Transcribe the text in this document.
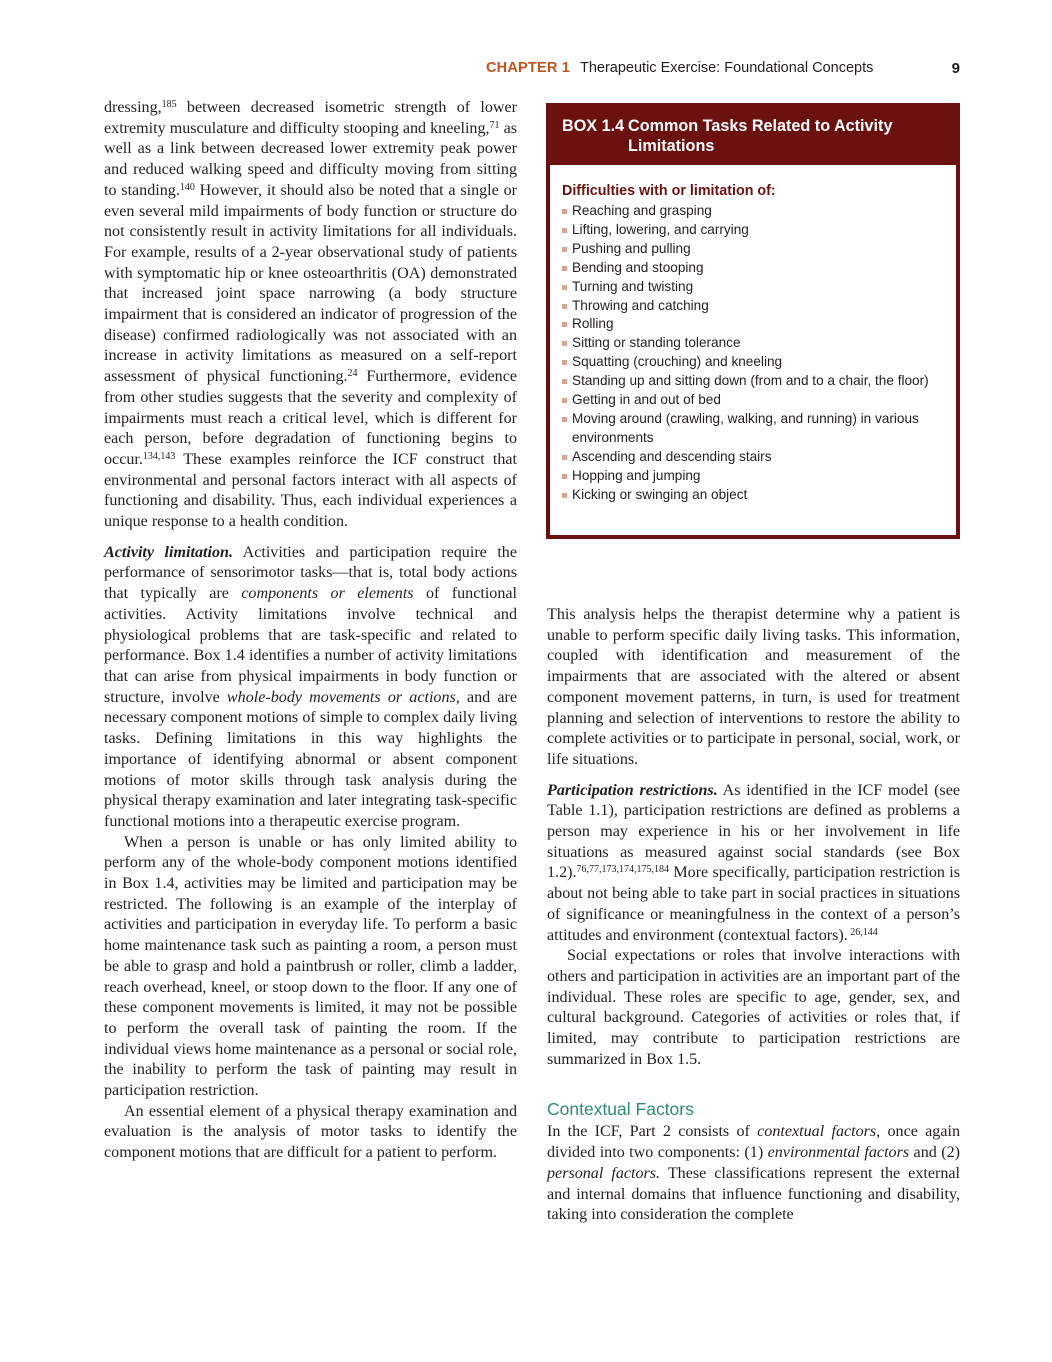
CHAPTER 1 Therapeutic Exercise: Foundational Concepts	9

dressing,$^{185}$ between decreased isometric strength of lower extremity musculature and difficulty stooping and kneeling,$^{71}$ as well as a link between decreased lower extremity peak power and reduced walking speed and difficulty moving from sitting to standing.$^{140}$ However, it should also be noted that a single or even several mild impairments of body function or structure do not consistently result in activity limitations for all individuals. For example, results of a 2-year observational study of patients with symptomatic hip or knee osteoarthritis (OA) demonstrated that increased joint space narrowing (a body structure impairment that is considered an indicator of progression of the disease) confirmed radiologically was not associated with an increase in activity limitations as measured on a self-report assessment of physical functioning.$^{24}$ Furthermore, evidence from other studies suggests that the severity and complexity of impairments must reach a critical level, which is different for each person, before degradation of functioning begins to occur.$^{134,143}$ These examples reinforce the ICF construct that environmental and personal factors interact with all aspects of functioning and disability. Thus, each individual experiences a unique response to a health condition.

Activity limitation. Activities and participation require the performance of sensorimotor tasks—that is, total body actions that typically are components or elements of functional activities. Activity limitations involve technical and physiological problems that are task-specific and related to performance. Box 1.4 identifies a number of activity limitations that can arise from physical impairments in body function or structure, involve whole-body movements or actions, and are necessary component motions of simple to complex daily living tasks. Defining limitations in this way highlights the importance of identifying abnormal or absent component motions of motor skills through task analysis during the physical therapy examination and later integrating task-specific functional motions into a therapeutic exercise program.

When a person is unable or has only limited ability to perform any of the whole-body component motions identified in Box 1.4, activities may be limited and participation may be restricted. The following is an example of the interplay of activities and participation in everyday life. To perform a basic home maintenance task such as painting a room, a person must be able to grasp and hold a paintbrush or roller, climb a ladder, reach overhead, kneel, or stoop down to the floor. If any one of these component movements is limited, it may not be possible to perform the overall task of painting the room. If the individual views home maintenance as a personal or social role, the inability to perform the task of painting may result in participation restriction.

An essential element of a physical therapy examination and evaluation is the analysis of motor tasks to identify the component motions that are difficult for a patient to perform.

BOX 1.4 Common Tasks Related to Activity Limitations
Difficulties with or limitation of:
Reaching and grasping
Lifting, lowering, and carrying
Pushing and pulling
Bending and stooping
Turning and twisting
Throwing and catching
Rolling
Sitting or standing tolerance
Squatting (crouching) and kneeling
Standing up and sitting down (from and to a chair, the floor)
Getting in and out of bed
Moving around (crawling, walking, and running) in various environments
Ascending and descending stairs
Hopping and jumping
Kicking or swinging an object

This analysis helps the therapist determine why a patient is unable to perform specific daily living tasks. This information, coupled with identification and measurement of the impairments that are associated with the altered or absent component movement patterns, in turn, is used for treatment planning and selection of interventions to restore the ability to complete activities or to participate in personal, social, work, or life situations.

Participation restrictions. As identified in the ICF model (see Table 1.1), participation restrictions are defined as problems a person may experience in his or her involvement in life situations as measured against social standards (see Box 1.2).$^{76,77,173,174,175,184}$ More specifically, participation restriction is about not being able to take part in social practices in situations of significance or meaningfulness in the context of a person’s attitudes and environment (contextual factors). $^{26,144}$

Social expectations or roles that involve interactions with others and participation in activities are an important part of the individual. These roles are specific to age, gender, sex, and cultural background. Categories of activities or roles that, if limited, may contribute to participation restrictions are summarized in Box 1.5.

Contextual Factors

In the ICF, Part 2 consists of contextual factors, once again divided into two components: (1) environmental factors and (2) personal factors. These classifications represent the external and internal domains that influence functioning and disability, taking into consideration the complete
